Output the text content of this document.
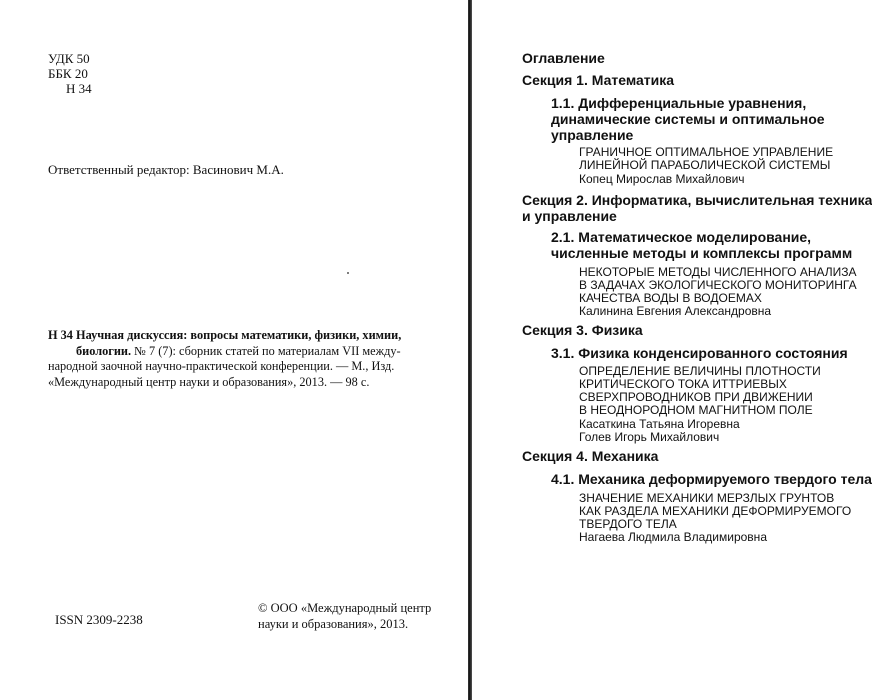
УДК 50
ББК 20
Н 34
Ответственный редактор: Васинович М.А.
Н 34 Научная дискуссия: вопросы математики, физики, химии,
биологии. № 7 (7): сборник статей по материалам VII между-
народной заочной научно-практической конференции. — М., Изд.
«Международный центр науки и образования», 2013. — 98 с.
ISSN 2309-2238
© ООО «Международный центр
науки и образования», 2013.
Оглавление
Секция 1. Математика
1.1. Дифференциальные уравнения,
динамические системы и оптимальное
управление
ГРАНИЧНОЕ ОПТИМАЛЬНОЕ УПРАВЛЕНИЕ
ЛИНЕЙНОЙ ПАРАБОЛИЧЕСКОЙ СИСТЕМЫ
Копец Мирослав Михайлович
Секция 2. Информатика, вычислительная техника
и управление
2.1. Математическое моделирование,
численные методы и комплексы программ
НЕКОТОРЫЕ МЕТОДЫ ЧИСЛЕННОГО АНАЛИЗА
В ЗАДАЧАХ ЭКОЛОГИЧЕСКОГО МОНИТОРИНГА
КАЧЕСТВА ВОДЫ В ВОДОЕМАХ
Калинина Евгения Александровна
Секция 3. Физика
3.1. Физика конденсированного состояния
ОПРЕДЕЛЕНИЕ ВЕЛИЧИНЫ ПЛОТНОСТИ
КРИТИЧЕСКОГО ТОКА ИТТРИЕВЫХ
СВЕРХПРОВОДНИКОВ ПРИ ДВИЖЕНИИ
В НЕОДНОРОДНОМ МАГНИТНОМ ПОЛЕ
Касаткина Татьяна Игоревна
Голев Игорь Михайлович
Секция 4. Механика
4.1. Механика деформируемого твердого тела
ЗНАЧЕНИЕ МЕХАНИКИ МЕРЗЛЫХ ГРУНТОВ
КАК РАЗДЕЛА МЕХАНИКИ ДЕФОРМИРУЕМОГО
ТВЕРДОГО ТЕЛА
Нагаева Людмила Владимировна
